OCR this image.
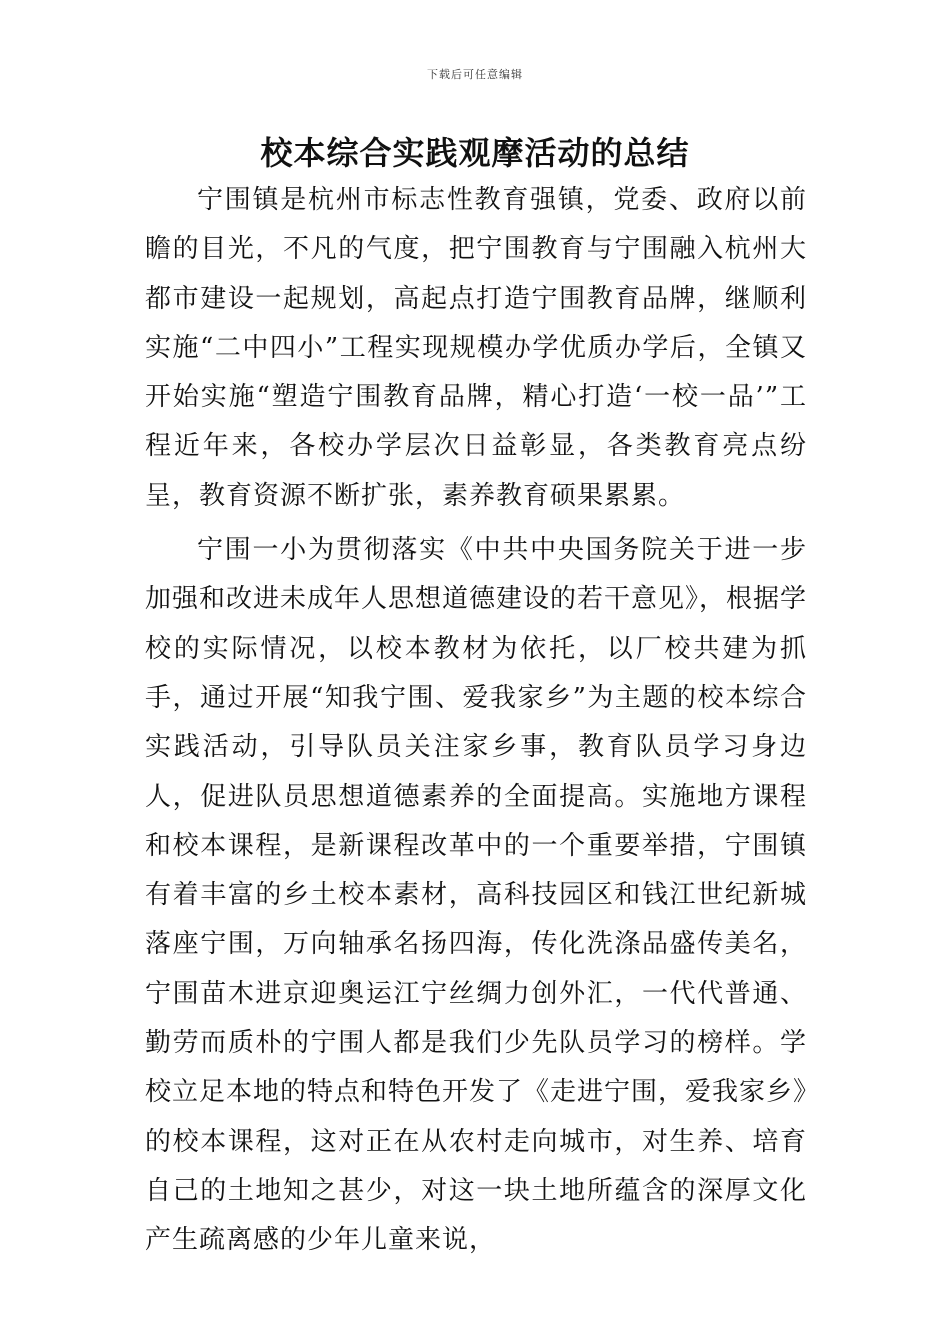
下载后可任意编辑
校本综合实践观摩活动的总结

宁围镇是杭州市标志性教育强镇，党委、政府以前瞻的目光，不凡的气度，把宁围教育与宁围融入杭州大都市建设一起规划，高起点打造宁围教育品牌，继顺利实施“二中四小”工程实现规模办学优质办学后，全镇又开始实施“塑造宁围教育品牌，精心打造‘一校一品’”工程近年来，各校办学层次日益彰显，各类教育亮点纷呈，教育资源不断扩张，素养教育硕果累累。

宁围一小为贯彻落实《中共中央国务院关于进一步加强和改进未成年人思想道德建设的若干意见》，根据学校的实际情况，以校本教材为依托，以厂校共建为抓手，通过开展“知我宁围、爱我家乡”为主题的校本综合实践活动，引导队员关注家乡事，教育队员学习身边人，促进队员思想道德素养的全面提高。实施地方课程和校本课程，是新课程改革中的一个重要举措，宁围镇有着丰富的乡土校本素材，高科技园区和钱江世纪新城落座宁围，万向轴承名扬四海，传化洗涤品盛传美名，宁围苗木进京迎奥运江宁丝绸力创外汇，一代代普通、勤劳而质朴的宁围人都是我们少先队员学习的榜样。学校立足本地的特点和特色开发了《走进宁围，爱我家乡》的校本课程，这对正在从农村走向城市，对生养、培育自己的土地知之甚少，对这一块土地所蕴含的深厚文化产生疏离感的少年儿童来说，
